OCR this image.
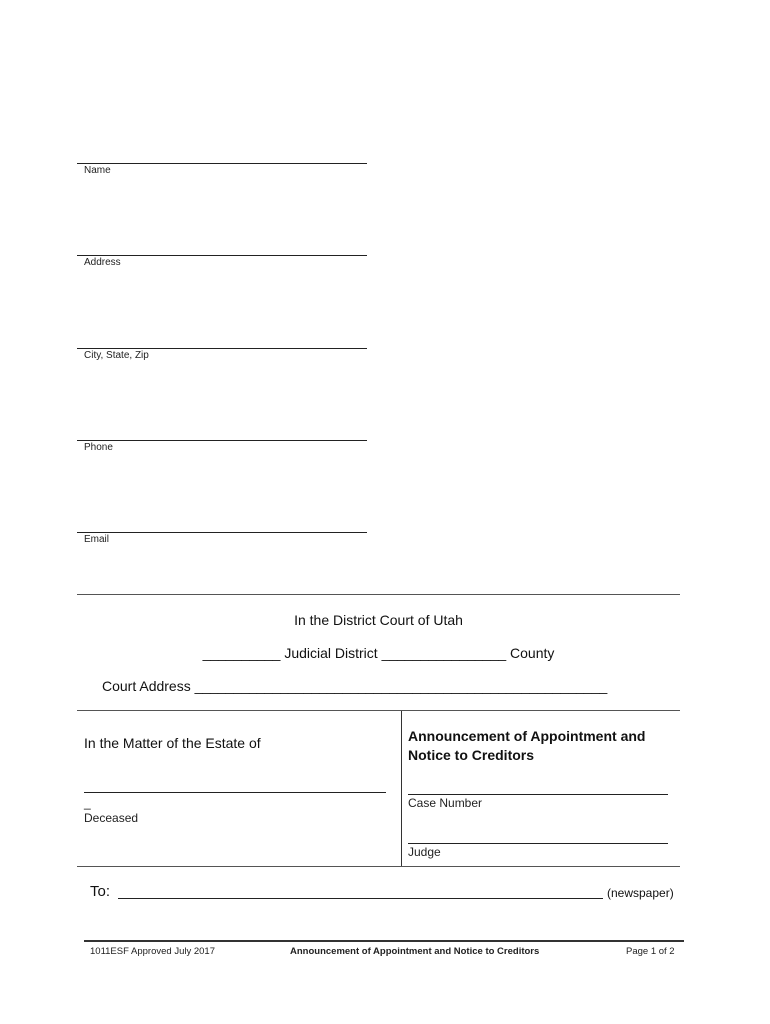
Name
Address
City, State, Zip
Phone
Email
In the District Court of Utah
__________ Judicial District ________________ County
Court Address _____________________________________________________
In the Matter of the Estate of
_
Deceased
Announcement of Appointment and Notice to Creditors
Case Number
Judge
To:	(newspaper)
1011ESF Approved July 2017	Announcement of Appointment and Notice to Creditors	Page 1 of 2
